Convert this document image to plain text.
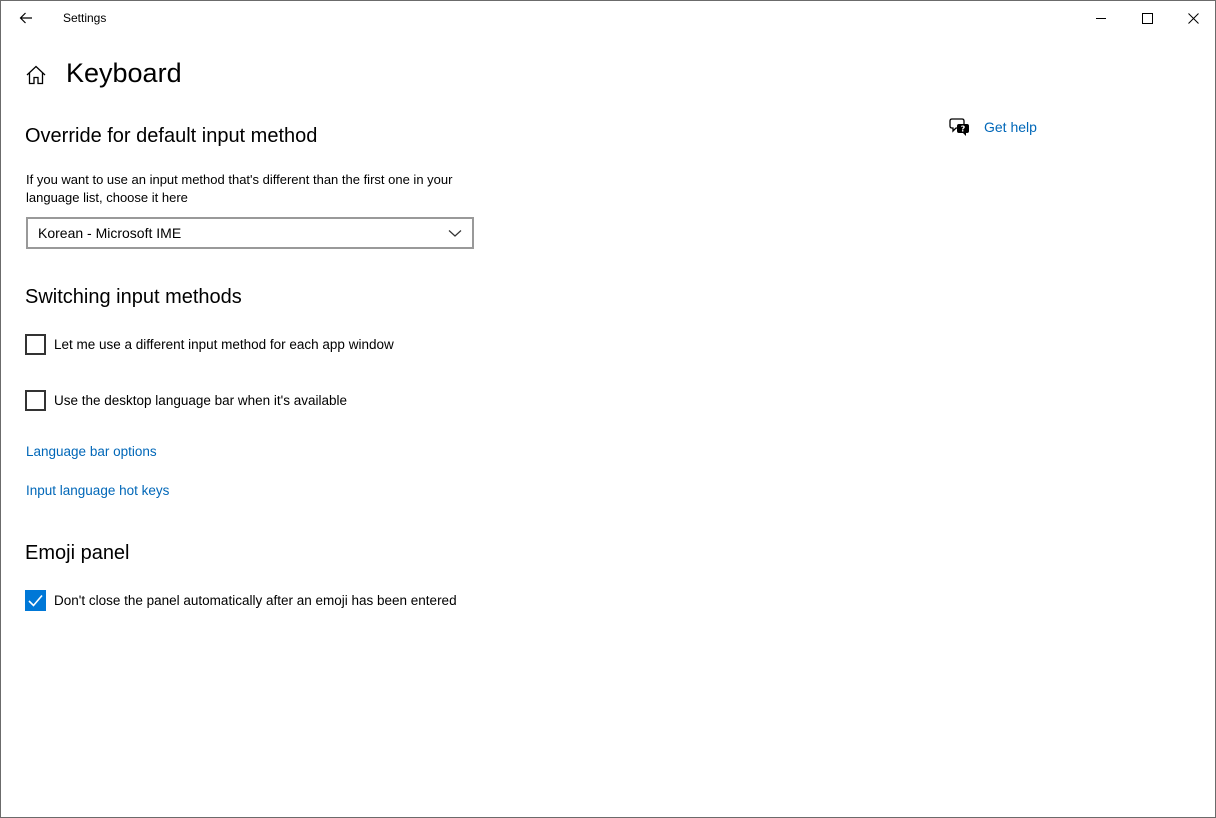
Settings
Keyboard
? Get help
Override for default input method

If you want to use an input method that's different than the first one in your language list, choose it here

Korean - Microsoft IME
Switching input methods
Let me use a different input method for each app window
Use the desktop language bar when it's available
Language bar options
Input language hot keys
Emoji panel
Don't close the panel automatically after an emoji has been entered
